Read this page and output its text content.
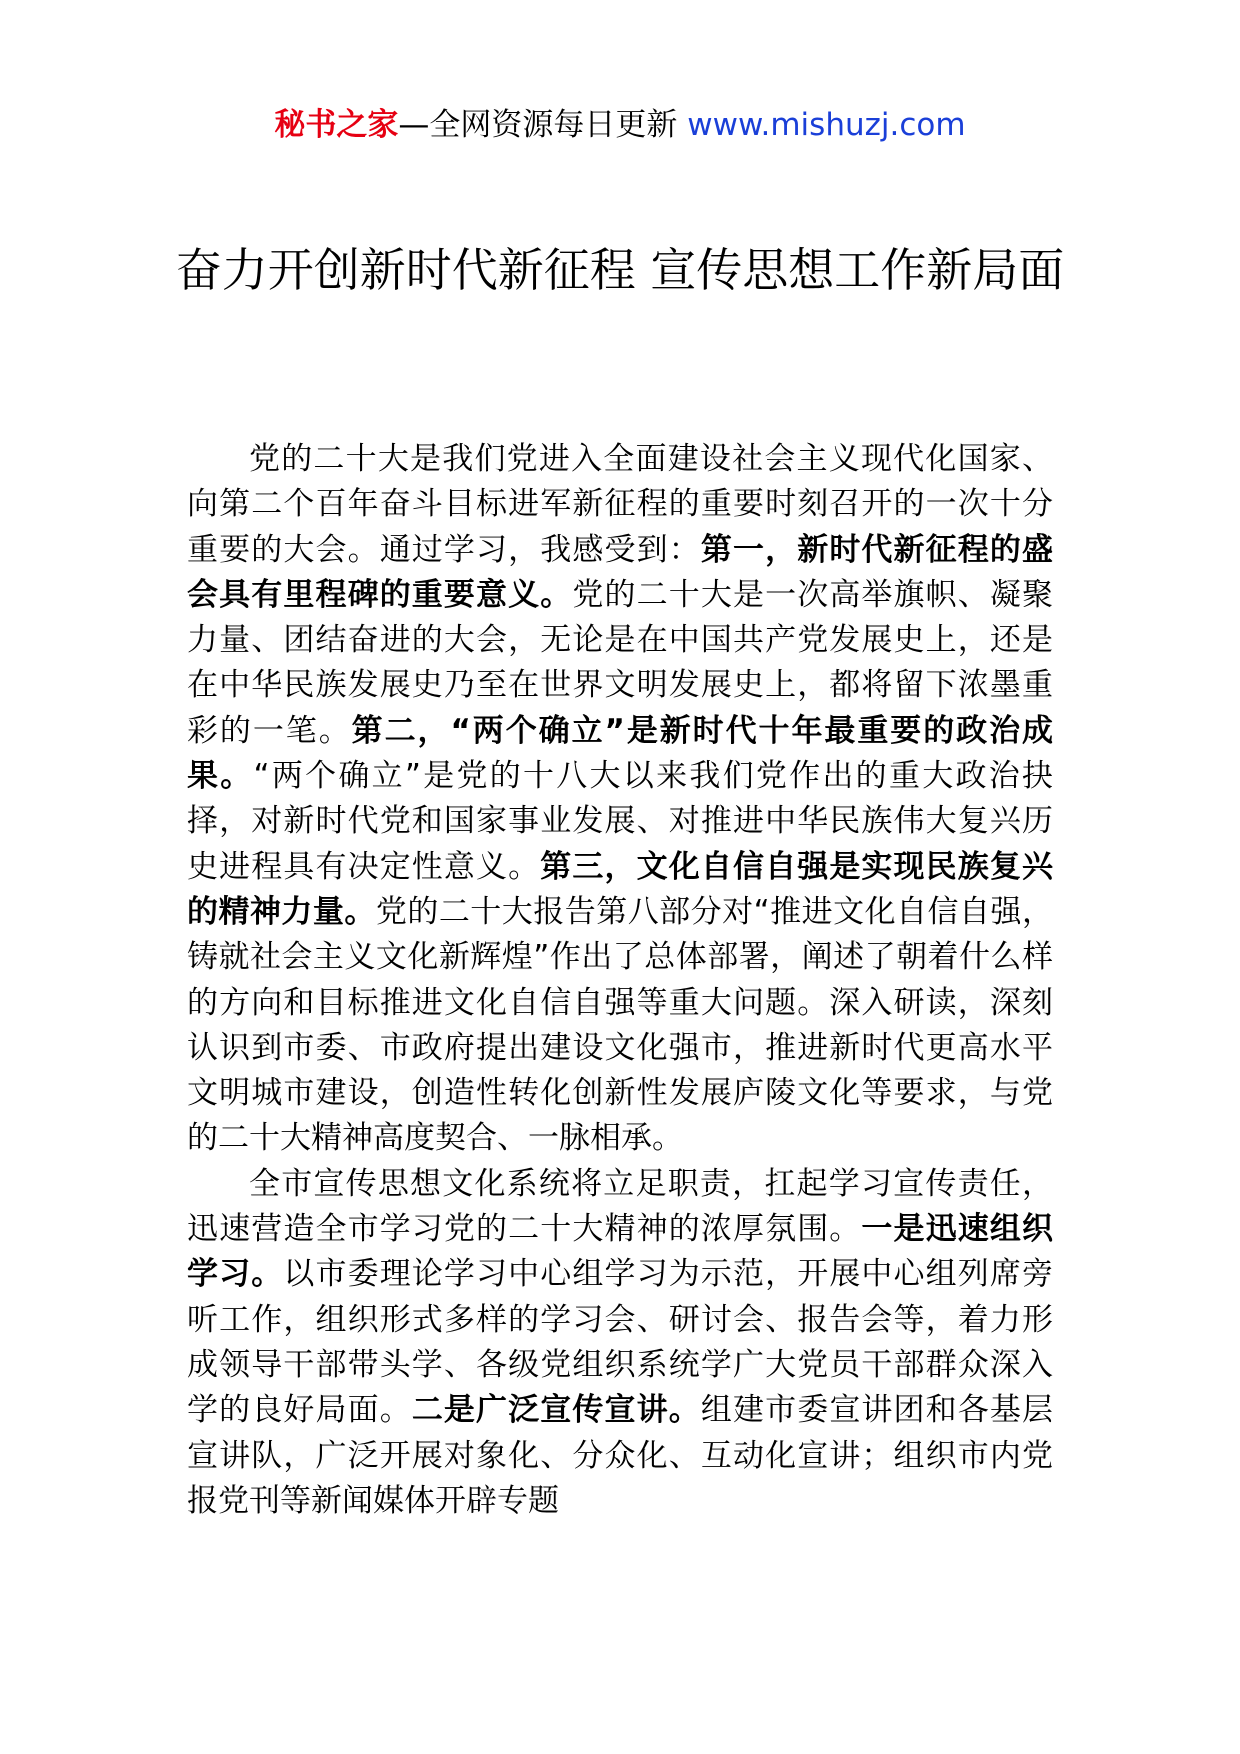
秘书之家—全网资源每日更新 www.mishuzj.com
奋力开创新时代新征程 宣传思想工作新局面

党的二十大是我们党进入全面建设社会主义现代化国家、向第二个百年奋斗目标进军新征程的重要时刻召开的一次十分重要的大会。通过学习，我感受到：第一，新时代新征程的盛会具有里程碑的重要意义。党的二十大是一次高举旗帜、凝聚力量、团结奋进的大会，无论是在中国共产党发展史上，还是在中华民族发展史乃至在世界文明发展史上，都将留下浓墨重彩的一笔。第二，“两个确立”是新时代十年最重要的政治成果。“两个确立”是党的十八大以来我们党作出的重大政治抉择，对新时代党和国家事业发展、对推进中华民族伟大复兴历史进程具有决定性意义。第三，文化自信自强是实现民族复兴的精神力量。党的二十大报告第八部分对“推进文化自信自强，铸就社会主义文化新辉煌”作出了总体部署，阐述了朝着什么样的方向和目标推进文化自信自强等重大问题。深入研读，深刻认识到市委、市政府提出建设文化强市，推进新时代更高水平文明城市建设，创造性转化创新性发展庐陵文化等要求，与党的二十大精神高度契合、一脉相承。

全市宣传思想文化系统将立足职责，扛起学习宣传责任，迅速营造全市学习党的二十大精神的浓厚氛围。一是迅速组织学习。以市委理论学习中心组学习为示范，开展中心组列席旁听工作，组织形式多样的学习会、研讨会、报告会等，着力形成领导干部带头学、各级党组织系统学广大党员干部群众深入学的良好局面。二是广泛宣传宣讲。组建市委宣讲团和各基层宣讲队，广泛开展对象化、分众化、互动化宣讲；组织市内党报党刊等新闻媒体开辟专题
